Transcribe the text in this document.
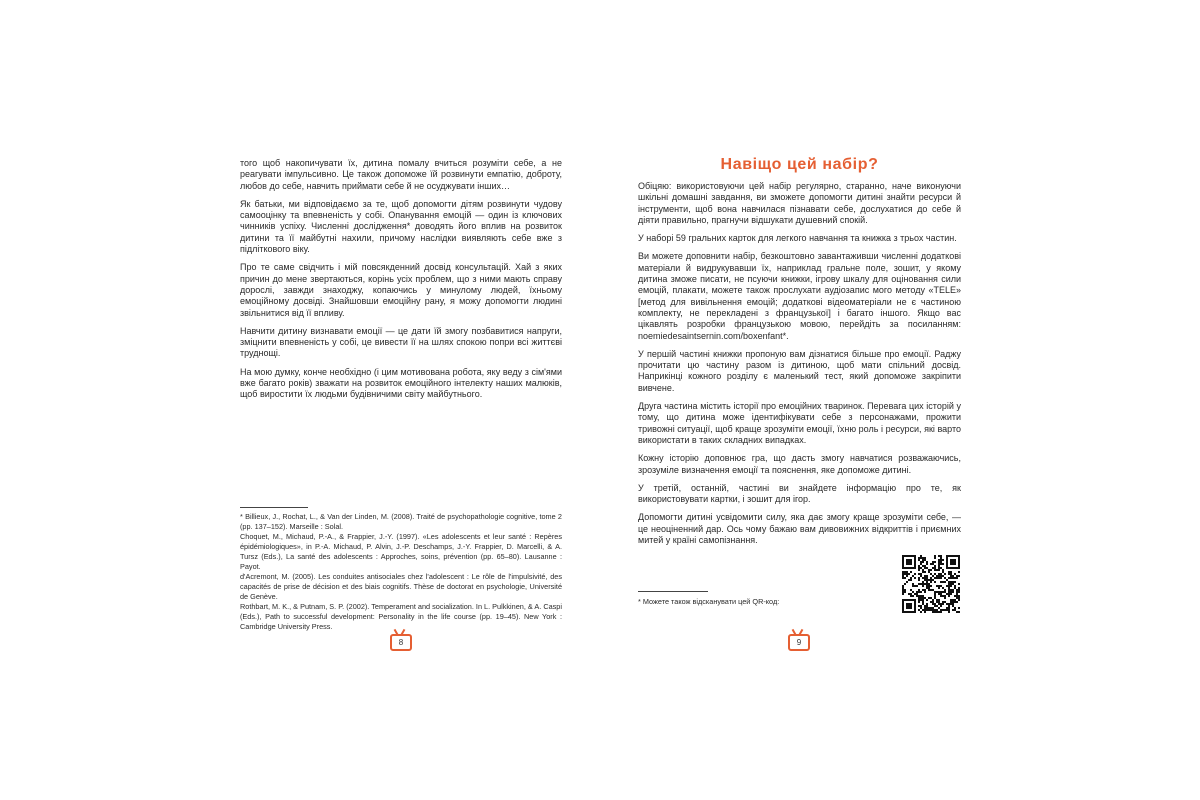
того щоб накопичувати їх, дитина помалу вчиться розуміти себе, а не реагувати імпульсивно. Це також допоможе їй розвинути емпатію, доброту, любов до себе, навчить приймати себе й не осуджувати інших…

Як батьки, ми відповідаємо за те, щоб допомогти дітям розвинути чудову самооцінку та впевненість у собі. Опанування емоцій — один із ключових чинників успіху. Численні дослідження* доводять його вплив на розвиток дитини та її майбутні нахили, причому наслідки виявляють себе вже з підліткового віку.

Про те саме свідчить і мій повсякденний досвід консультацій. Хай з яких причин до мене звертаються, корінь усіх проблем, що з ними мають справу дорослі, завжди знаходжу, копаючись у минулому людей, їхньому емоційному досвіді. Знайшовши емоційну рану, я можу допомогти людині звільнитися від її впливу.

Навчити дитину визнавати емоції — це дати їй змогу позбавитися напруги, зміцнити впевненість у собі, це вивести її на шлях спокою попри всі життєві труднощі.

На мою думку, конче необхідно (і цим мотивована робота, яку веду з сім'ями вже багато років) зважати на розвиток емоційного інтелекту наших малюків, щоб виростити їх людьми будівничими світу майбутнього.

* Billieux, J., Rochat, L., & Van der Linden, M. (2008). Traité de psychopathologie cognitive, tome 2 (pp. 137–152). Marseille : Solal.

Choquet, M., Michaud, P.-A., & Frappier, J.-Y. (1997). «Les adolescents et leur santé : Repères épidémiologiques», in P.-A. Michaud, P. Alvin, J.-P. Deschamps, J.-Y. Frappier, D. Marcelli, & A. Tursz (Eds.), La santé des adolescents : Approches, soins, prévention (pp. 65–80). Lausanne : Payot.

d'Acremont, M. (2005). Les conduites antisociales chez l'adolescent : Le rôle de l'impulsivité, des capacités de prise de décision et des biais cognitifs. Thèse de doctorat en psychologie, Université de Genève.

Rothbart, M. K., & Putnam, S. P. (2002). Temperament and socialization. In L. Pulkkinen, & A. Caspi (Eds.), Path to successful development: Personality in the life course (pp. 19–45). New York : Cambridge University Press.

8
Навіщо цей набір?

Обіцяю: використовуючи цей набір регулярно, старанно, наче виконуючи шкільні домашні завдання, ви зможете допомогти дитині знайти ресурси й інструменти, щоб вона навчилася пізнавати себе, дослухатися до себе й діяти правильно, прагнучи відшукати душевний спокій.

У наборі 59 гральних карток для легкого навчання та книжка з трьох частин.

Ви можете доповнити набір, безкоштовно завантаживши численні додаткові матеріали й видрукувавши їх, наприклад гральне поле, зошит, у якому дитина зможе писати, не псуючи книжки, ігрову шкалу для оціновання сили емоцій, плакати, можете також прослухати аудіозапис мого методу «TELE» [метод для вивільнення емоцій; додаткові відеоматеріали не є частиною комплекту, не перекладені з французької] і багато іншого. Якщо вас цікавлять розробки французькою мовою, перейдіть за посиланням: noemiedesaintsernin.com/boxenfant*.

У першій частині книжки пропоную вам дізнатися більше про емоції. Раджу прочитати цю частину разом із дитиною, щоб мати спільний досвід. Наприкінці кожного розділу є маленький тест, який допоможе закріпити вивчене.

Друга частина містить історії про емоційних тваринок. Перевага цих історій у тому, що дитина може ідентифікувати себе з персонажами, прожити тривожні ситуації, щоб краще зрозуміти емоції, їхню роль і ресурси, які варто використати в таких складних випадках.

Кожну історію доповнює гра, що дасть змогу навчатися розважаючись, зрозуміле визначення емоції та пояснення, яке допоможе дитині.

У третій, останній, частині ви знайдете інформацію про те, як використовувати картки, і зошит для ігор.

Допомогти дитині усвідомити силу, яка дає змогу краще зрозуміти себе, — це неоціненний дар. Ось чому бажаю вам дивовижних відкриттів і приємних митей у країні самопізнання.

* Можете також відсканувати цей QR-код:

9
